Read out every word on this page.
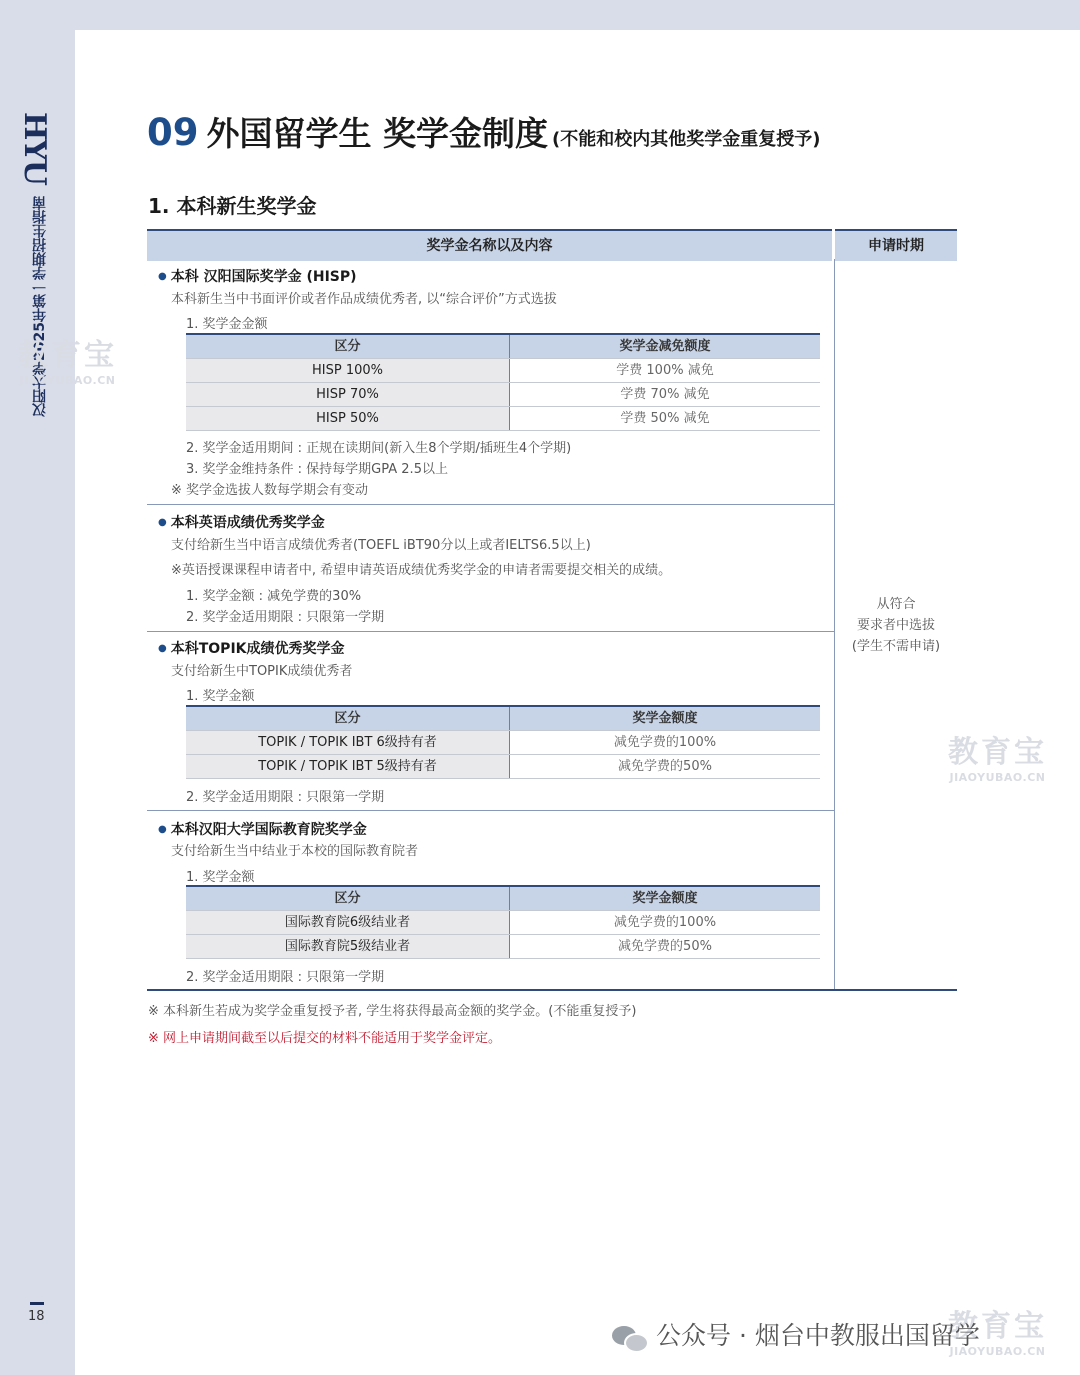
HYU
汉阳大学2025年第一学期招生指南
18
09 外国留学生 奖学金制度 (不能和校内其他奖学金重复授予)
1. 本科新生奖学金
奖学金名称以及内容	申请时期
● 本科 汉阳国际奖学金 (HISP)
本科新生当中书面评价或者作品成绩优秀者, 以“综合评价”方式选拔
1. 奖学金金额
区分	奖学金减免额度
HISP 100%	学费 100% 减免
HISP 70%	学费 70% 减免
HISP 50%	学费 50% 减免
2. 奖学金适用期间 : 正规在读期间(新入生8个学期/插班生4个学期)
3. 奖学金维持条件 : 保持每学期GPA 2.5以上
※ 奖学金选拔人数每学期会有变动
● 本科英语成绩优秀奖学金
支付给新生当中语言成绩优秀者(TOEFL iBT90分以上或者IELTS6.5以上)
※英语授课课程申请者中, 希望申请英语成绩优秀奖学金的申请者需要提交相关的成绩。
1. 奖学金额 : 减免学费的30%
2. 奖学金适用期限 : 只限第一学期
● 本科TOPIK成绩优秀奖学金
支付给新生中TOPIK成绩优秀者
1. 奖学金额
区分	奖学金额度
TOPIK / TOPIK IBT 6级持有者	减免学费的100%
TOPIK / TOPIK IBT 5级持有者	减免学费的50%
2. 奖学金适用期限 : 只限第一学期
● 本科汉阳大学国际教育院奖学金
支付给新生当中结业于本校的国际教育院者
1. 奖学金额
区分	奖学金额度
国际教育院6级结业者	减免学费的100%
国际教育院5级结业者	减免学费的50%
2. 奖学金适用期限 : 只限第一学期
从符合
要求者中选拔
(学生不需申请)
※ 本科新生若成为奖学金重复授予者, 学生将获得最高金额的奖学金。(不能重复授予)
※ 网上申请期间截至以后提交的材料不能适用于奖学金评定。
教育宝
JIAOYUBAO.CN
教育宝
JIAOYUBAO.CN
教育宝
JIAOYUBAO.CN
公众号 · 烟台中教服出国留学
